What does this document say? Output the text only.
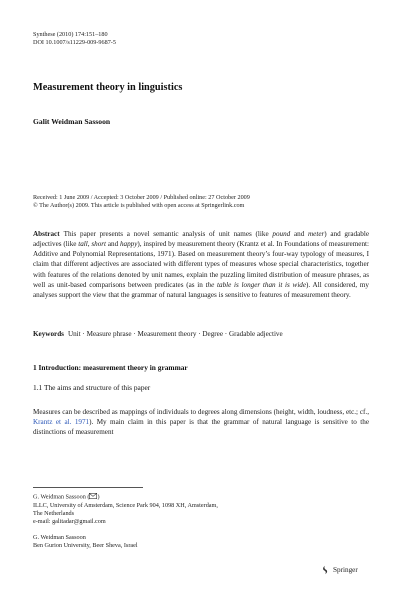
Synthese (2010) 174:151–180
DOI 10.1007/s11229-009-9687-5
Measurement theory in linguistics
Galit Weidman Sassoon
Received: 1 June 2009 / Accepted: 3 October 2009 / Published online: 27 October 2009
© The Author(s) 2009. This article is published with open access at Springerlink.com
Abstract This paper presents a novel semantic analysis of unit names (like pound and meter) and gradable adjectives (like tall, short and happy), inspired by measurement theory (Krantz et al. In Foundations of measurement: Additive and Polynomial Representations, 1971). Based on measurement theory’s four-way typology of measures, I claim that different adjectives are associated with different types of measures whose special characteristics, together with features of the relations denoted by unit names, explain the puzzling limited distribution of measure phrases, as well as unit-based comparisons between predicates (as in the table is longer than it is wide). All considered, my analyses support the view that the grammar of natural languages is sensitive to features of measurement theory.
Keywords Unit · Measure phrase · Measurement theory · Degree · Gradable adjective
1 Introduction: measurement theory in grammar
1.1 The aims and structure of this paper
Measures can be described as mappings of individuals to degrees along dimensions (height, width, loudness, etc.; cf., Krantz et al. 1971). My main claim in this paper is that the grammar of natural language is sensitive to the distinctions of measurement
G. Weidman Sassoon ( )
ILLC, University of Amsterdam, Science Park 904, 1098 XH, Amsterdam,
The Netherlands
e-mail: galitadar@gmail.com
G. Weidman Sassoon
Ben Gurion University, Beer Sheva, Israel
Springer
